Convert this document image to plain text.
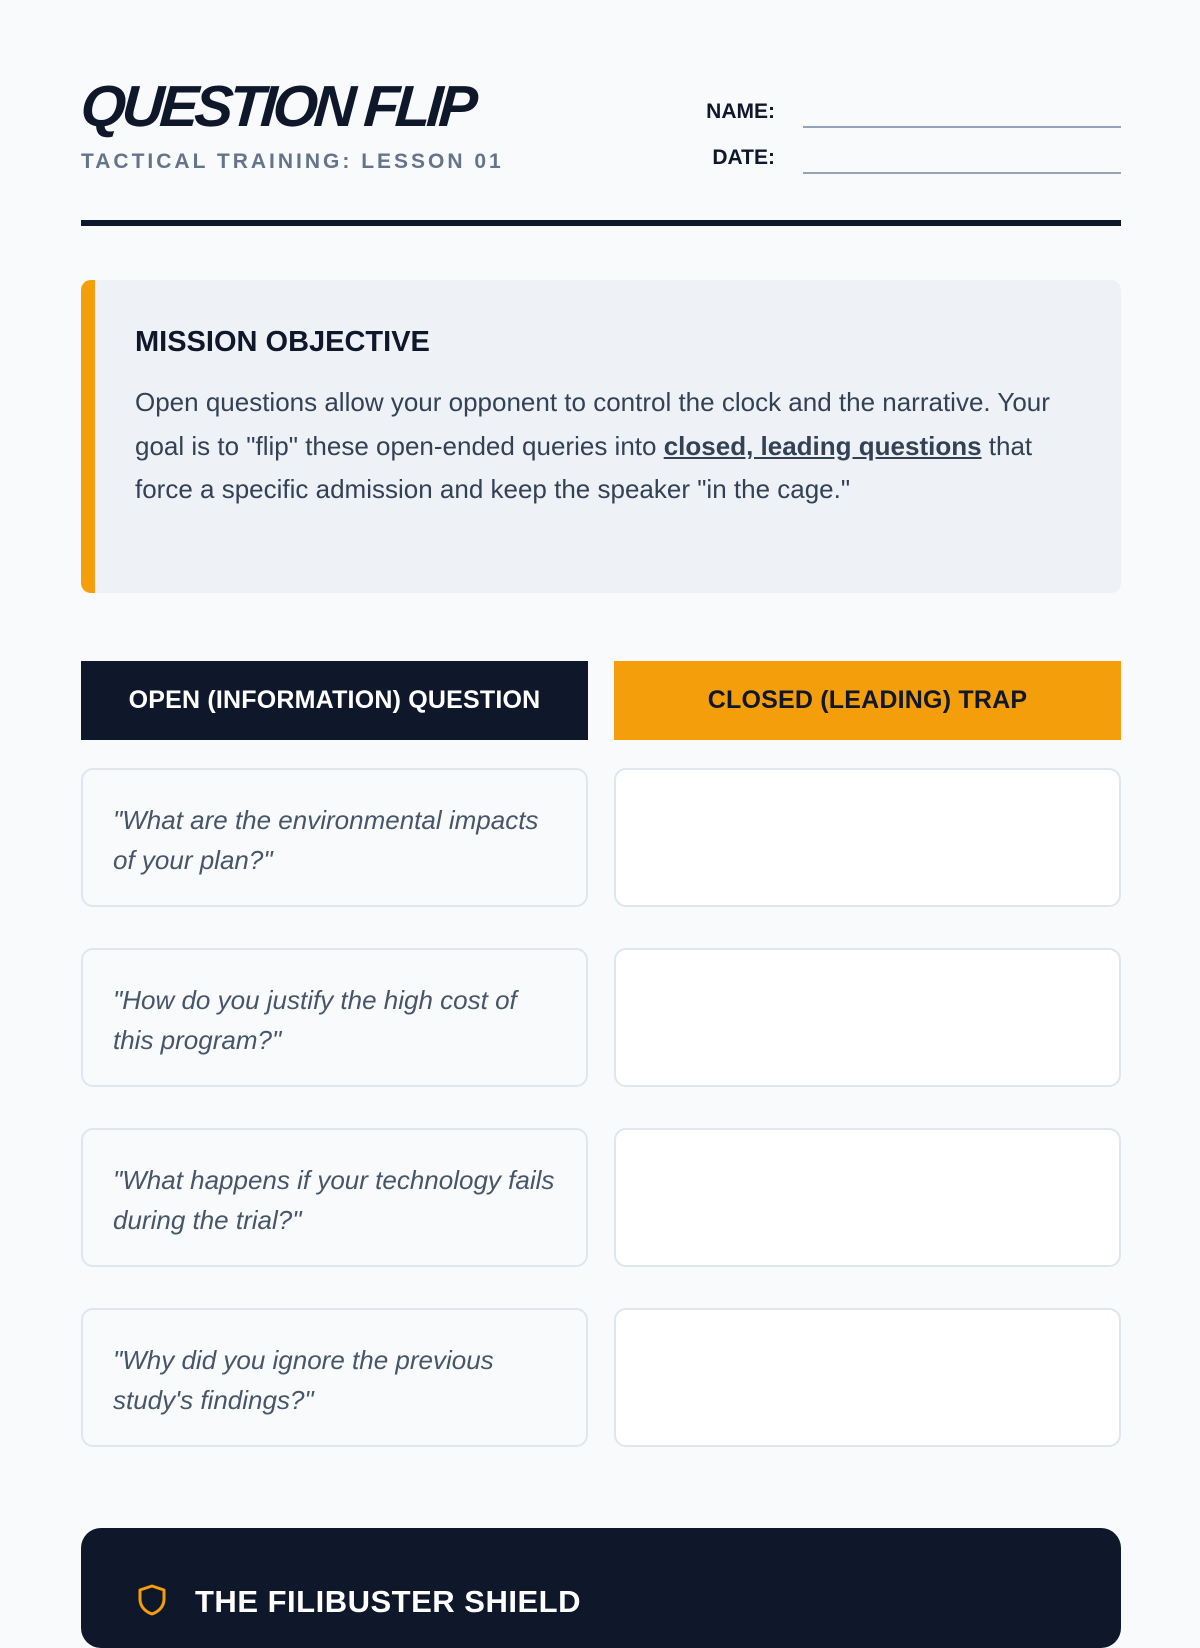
QUESTION FLIP
TACTICAL TRAINING: LESSON 01
NAME:
DATE:
MISSION OBJECTIVE

Open questions allow your opponent to control the clock and the narrative. Your goal is to "flip" these open-ended queries into closed, leading questions that force a specific admission and keep the speaker "in the cage."

OPEN (INFORMATION) QUESTION	CLOSED (LEADING) TRAP

"What are the environmental impacts of your plan?"

"How do you justify the high cost of this program?"

"What happens if your technology fails during the trial?"

"Why did you ignore the previous study's findings?"

THE FILIBUSTER SHIELD
